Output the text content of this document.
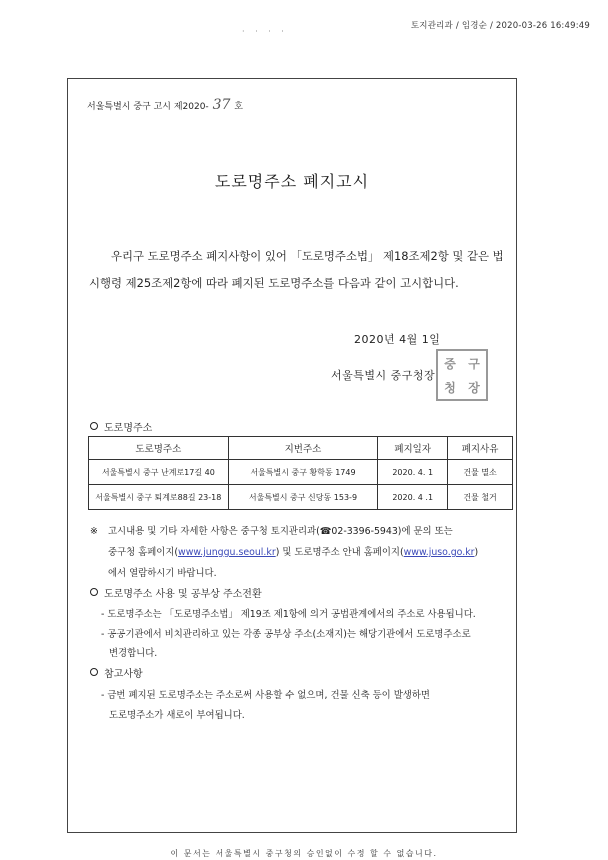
토지관리과 / 임경순 / 2020-03-26 16:49:49
· · · ·
서울특별시 중구 고시 제2020- 37 호
도로명주소 폐지고시
우리구 도로명주소 폐지사항이 있어 「도로명주소법」 제18조제2항 및 같은 법
시행령 제25조제2항에 따라 폐지된 도로명주소를 다음과 같이 고시합니다.
2020년 4월 1일
중	구
청	장
서울특별시 중구청장
도로명주소
도로명주소	지번주소	폐지일자	폐지사유
서울특별시 중구 난계로17길 40	서울특별시 중구 황학동 1749	2020. 4. 1	건물 멸소
서울특별시 중구 퇴계로88길 23-18	서울특별시 중구 신당동 153-9	2020. 4 .1	건물 철거
※ 고시내용 및 기타 자세한 사항은 중구청 토지관리과(☎02-3396-5943)에 문의 또는
중구청 홈페이지(www.junggu.seoul.kr) 및 도로명주소 안내 홈페이지(www.juso.go.kr)
에서 열람하시기 바랍니다.
도로명주소 사용 및 공부상 주소전환
- 도로명주소는 「도로명주소법」 제19조 제1항에 의거 공법관계에서의 주소로 사용됩니다.
- 공공기관에서 비치관리하고 있는 각종 공부상 주소(소재지)는 해당기관에서 도로명주소로
변경합니다.
참고사항
- 금번 폐지된 도로명주소는 주소로써 사용할 수 없으며, 건물 신축 등이 발생하면
도로명주소가 새로이 부여됩니다.
이 문서는 서울특별시 중구청의 승인없이 수정 할 수 없습니다.
